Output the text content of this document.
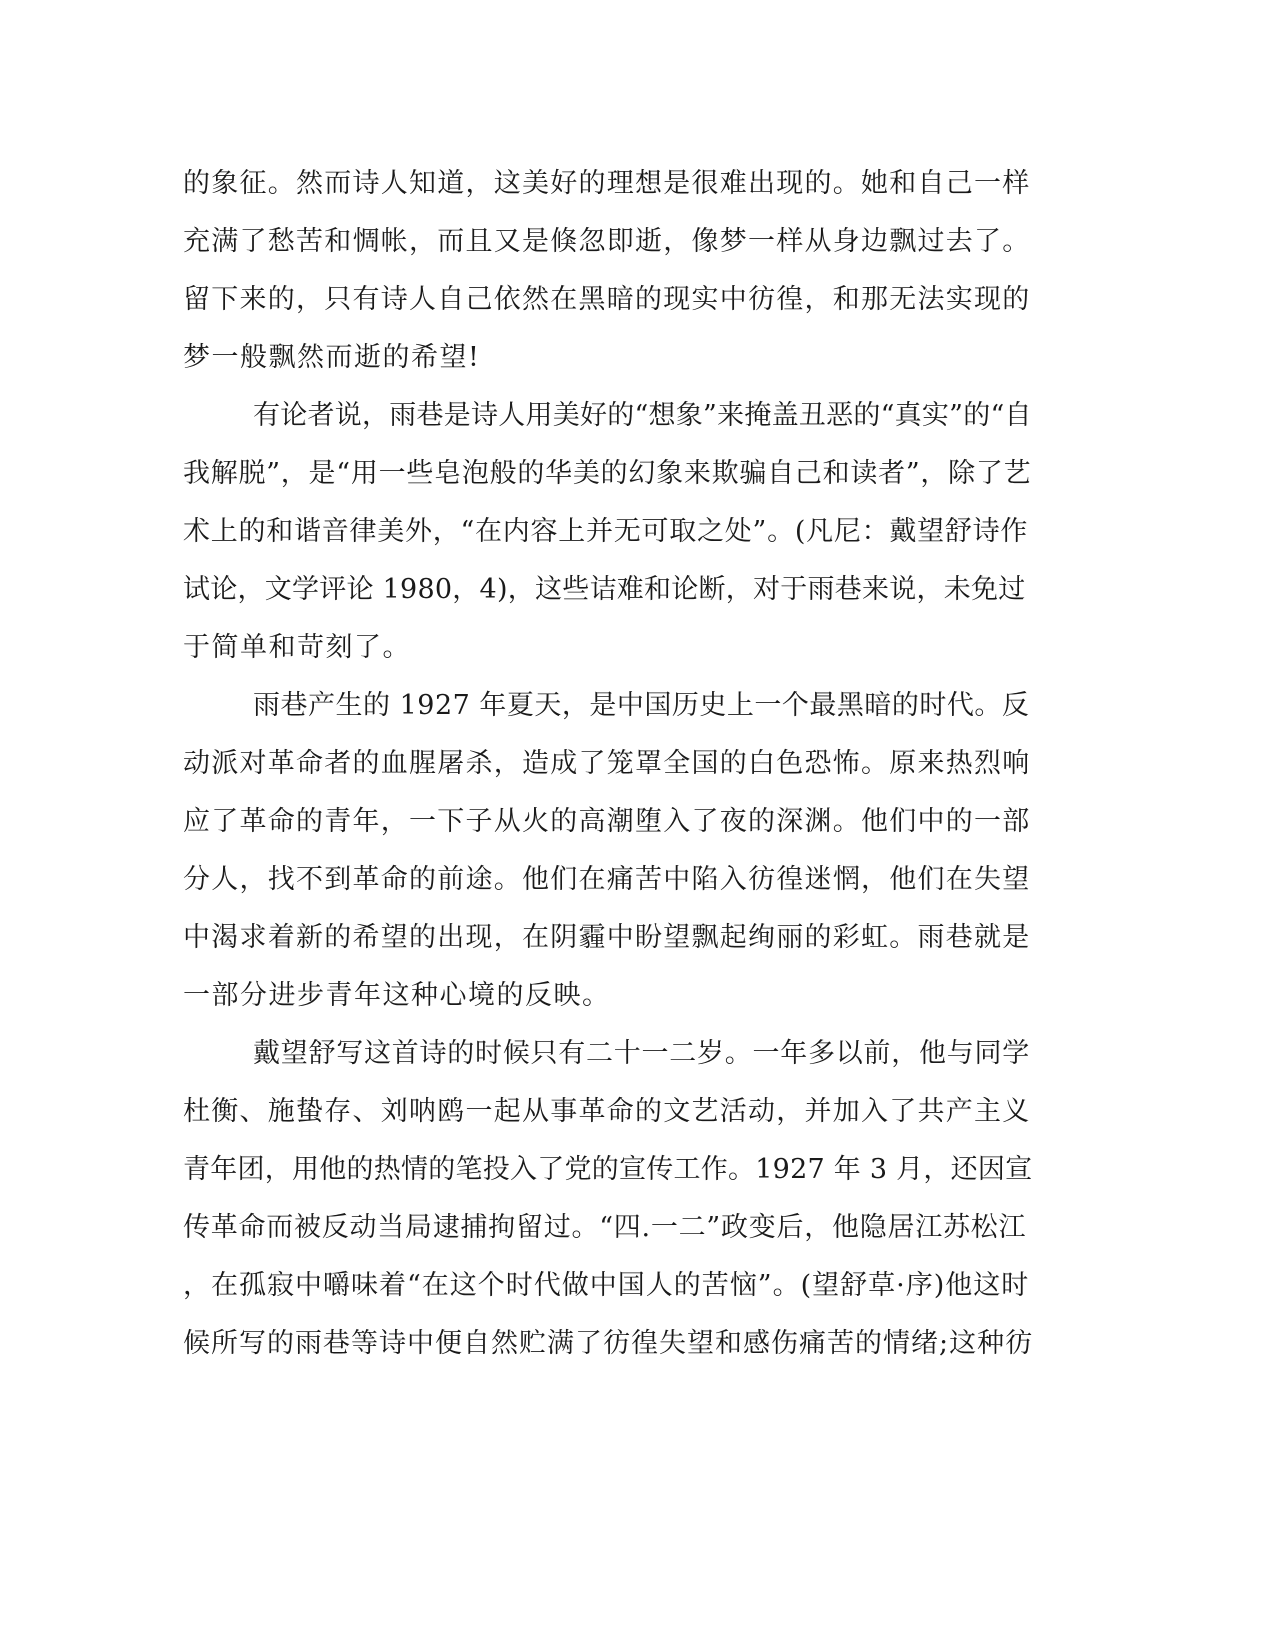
的象征。然而诗人知道，这美好的理想是很难出现的。她和自己一样
充满了愁苦和惆帐，而且又是倏忽即逝，像梦一样从身边飘过去了。
留下来的，只有诗人自己依然在黑暗的现实中彷徨，和那无法实现的
梦一般飘然而逝的希望!
有论者说，雨巷是诗人用美好的“想象”来掩盖丑恶的“真实”的“自
我解脱”，是“用一些皂泡般的华美的幻象来欺骗自己和读者”，除了艺
术上的和谐音律美外，“在内容上并无可取之处”。(凡尼：戴望舒诗作
试论，文学评论 1980，4)，这些诘难和论断，对于雨巷来说，未免过
于简单和苛刻了。
雨巷产生的 1927 年夏天，是中国历史上一个最黑暗的时代。反
动派对革命者的血腥屠杀，造成了笼罩全国的白色恐怖。原来热烈响
应了革命的青年，一下子从火的高潮堕入了夜的深渊。他们中的一部
分人，找不到革命的前途。他们在痛苦中陷入彷徨迷惘，他们在失望
中渴求着新的希望的出现，在阴霾中盼望飘起绚丽的彩虹。雨巷就是
一部分进步青年这种心境的反映。
戴望舒写这首诗的时候只有二十一二岁。一年多以前，他与同学
杜衡、施蛰存、刘呐鸥一起从事革命的文艺活动，并加入了共产主义
青年团，用他的热情的笔投入了党的宣传工作。1927 年 3 月，还因宣
传革命而被反动当局逮捕拘留过。“四.一二”政变后，他隐居江苏松江
，在孤寂中嚼味着“在这个时代做中国人的苦恼”。(望舒草·序)他这时
候所写的雨巷等诗中便自然贮满了彷徨失望和感伤痛苦的情绪;这种彷
